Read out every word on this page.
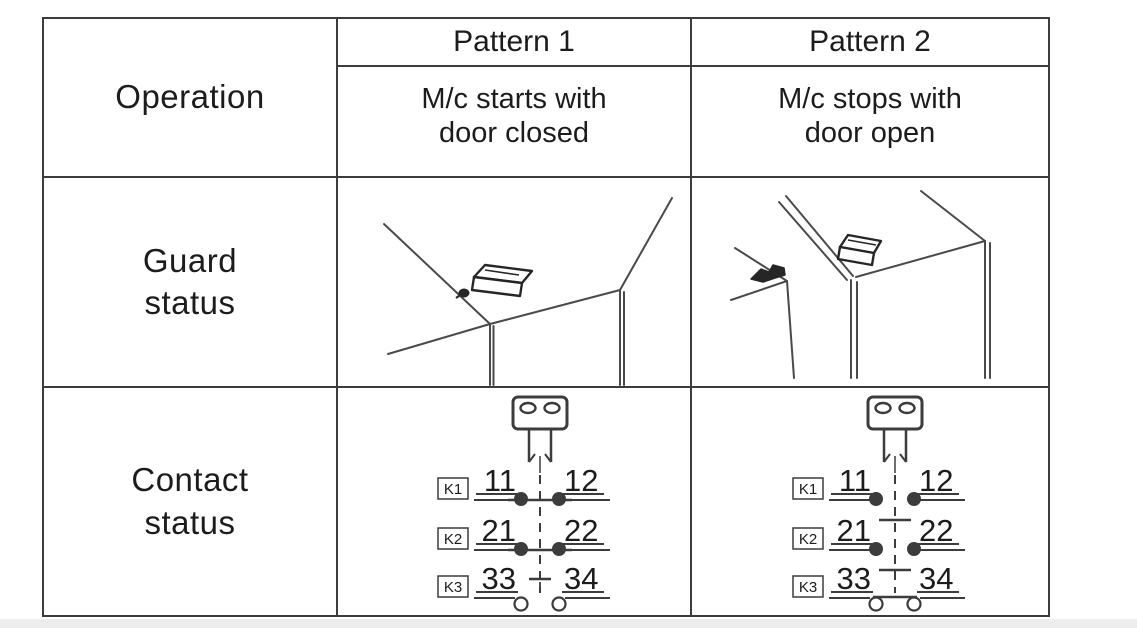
Operation
Pattern 1	Pattern 2
M/c starts with
door closed
M/c stops with
door open
Guard
status
Contact
status
K1 11 12
K2 21 22
K3 33 34
K1 11 12
K2 21 22
K3 33 34
